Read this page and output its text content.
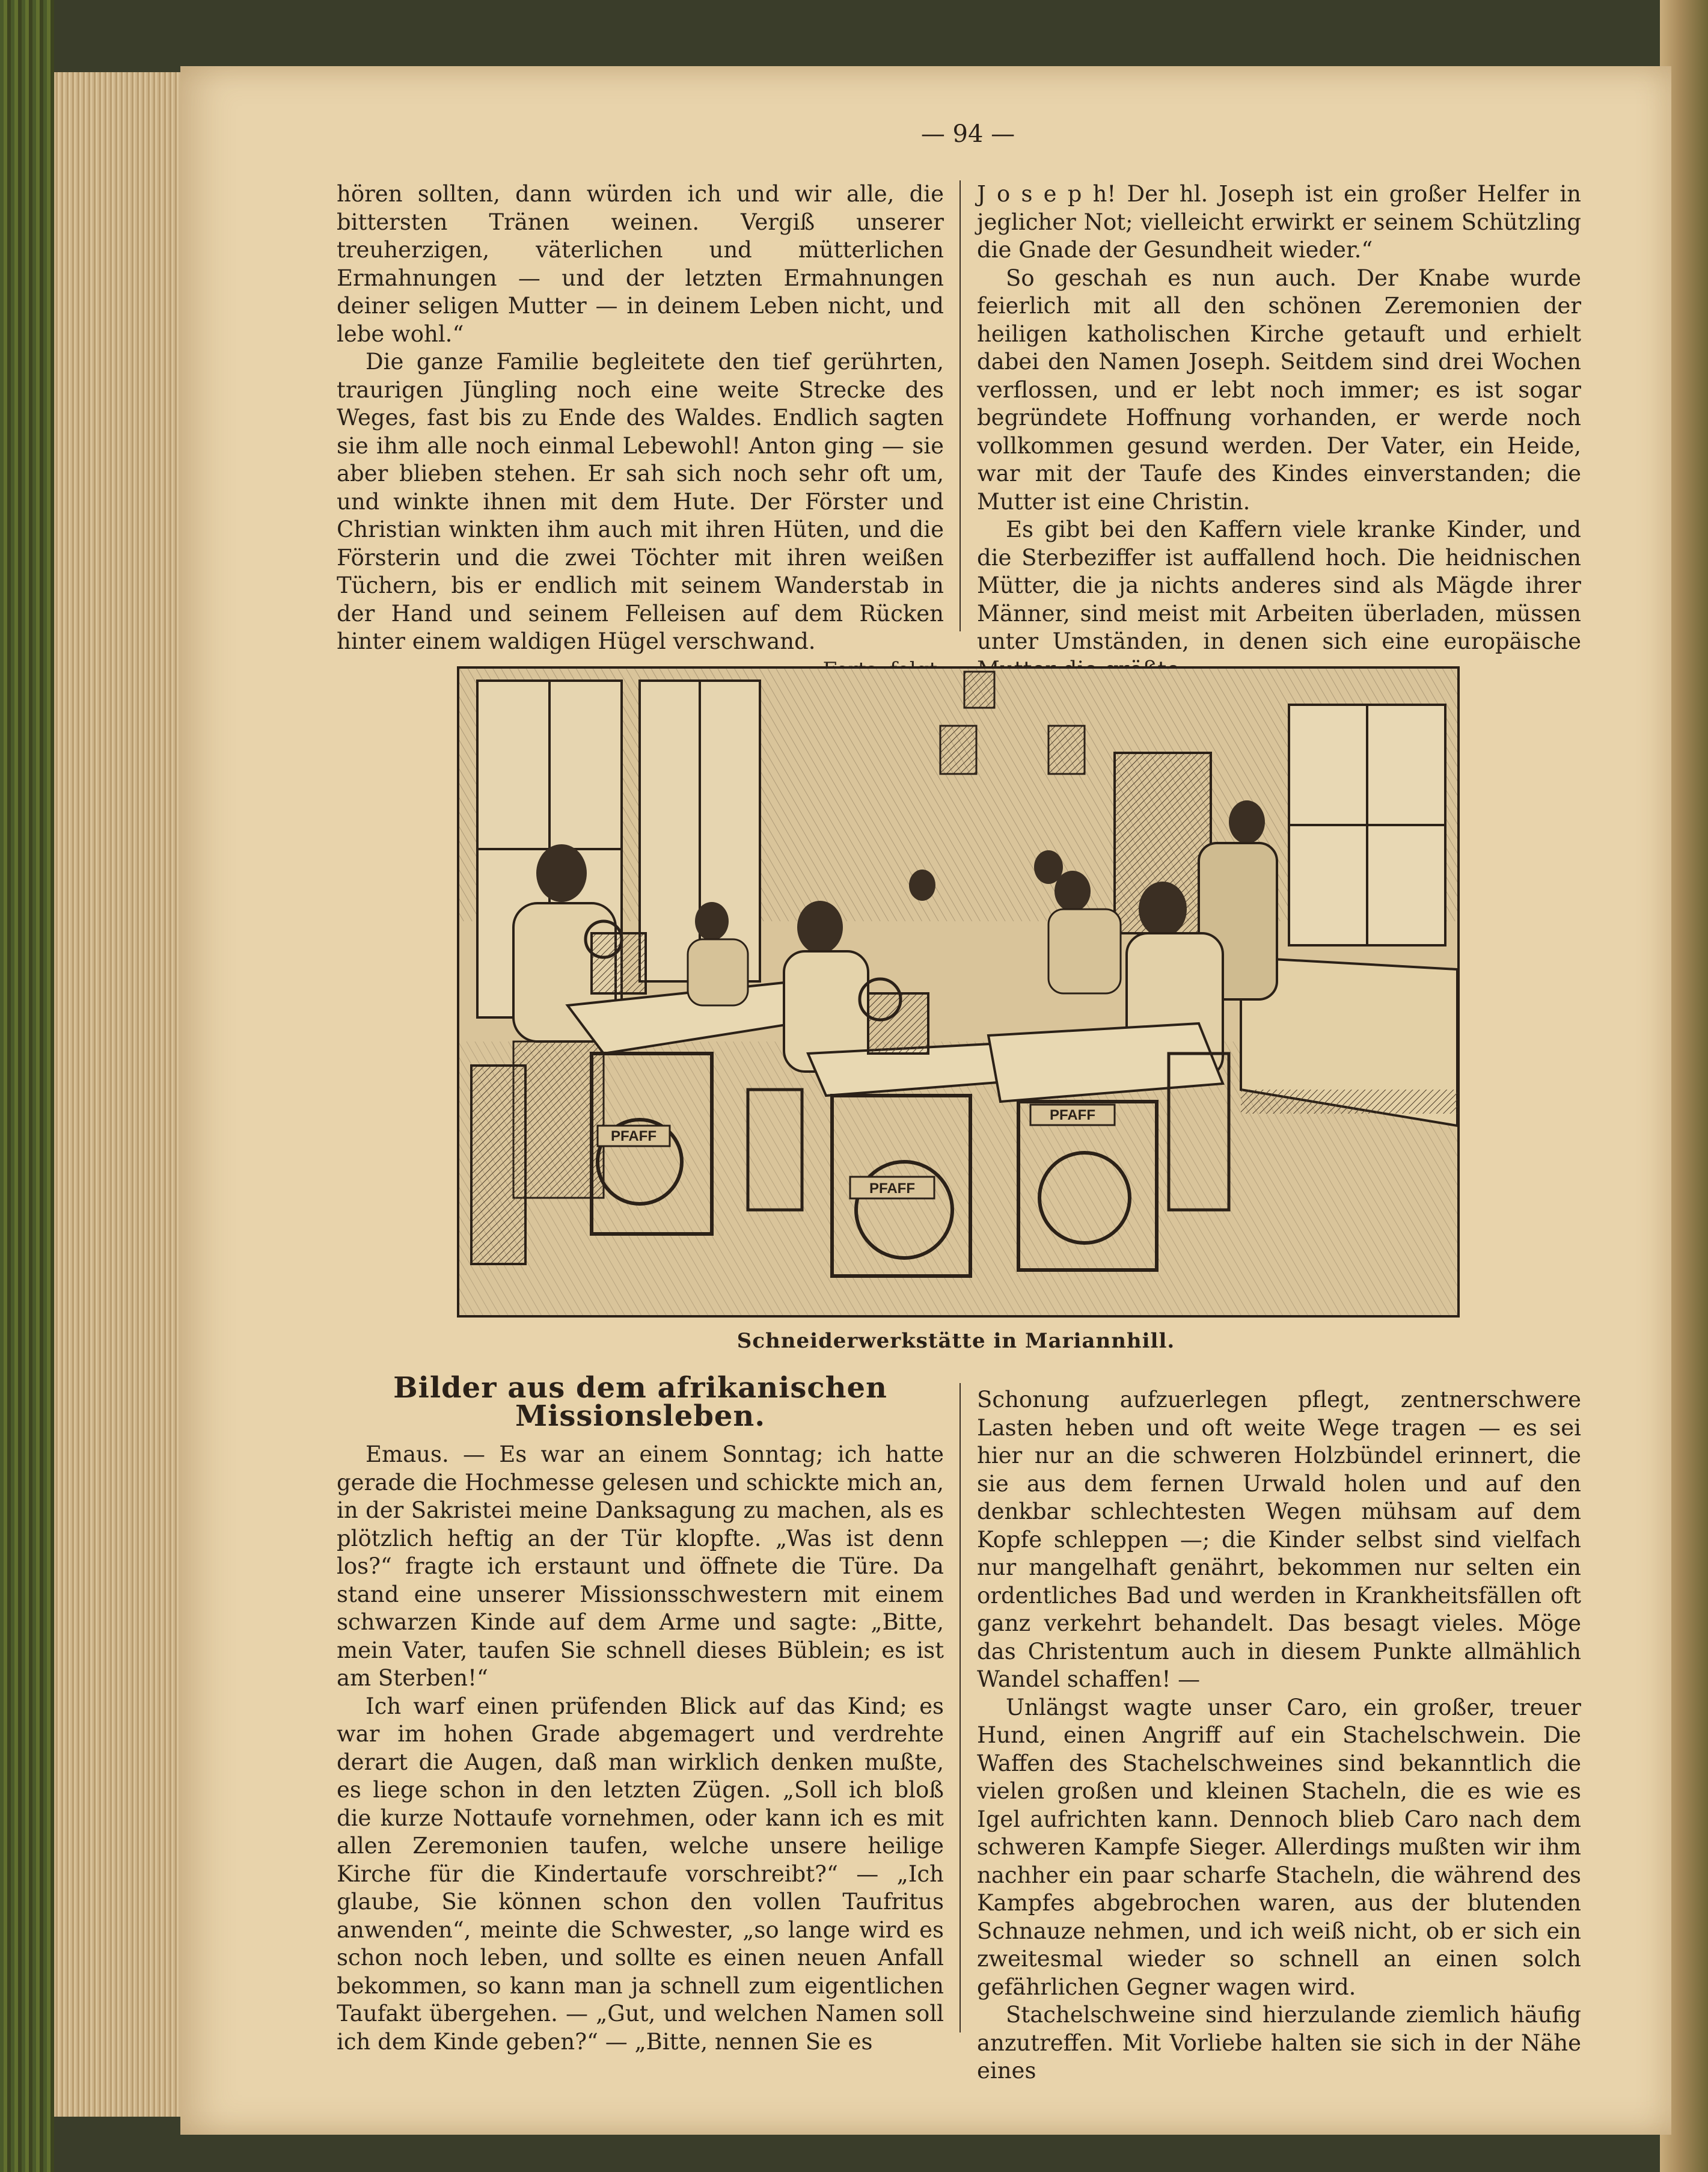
— 94 —

hören sollten, dann würden ich und wir alle, die bittersten Tränen weinen. Vergiß unserer treuherzigen, väterlichen und mütterlichen Ermahnungen — und der letzten Ermahnungen deiner seligen Mutter — in deinem Leben nicht, und lebe wohl.“

Die ganze Familie begleitete den tief gerührten, traurigen Jüngling noch eine weite Strecke des Weges, fast bis zu Ende des Waldes. Endlich sagten sie ihm alle noch einmal Lebewohl! Anton ging — sie aber blieben stehen. Er sah sich noch sehr oft um, und winkte ihnen mit dem Hute. Der Förster und Christian winkten ihm auch mit ihren Hüten, und die Försterin und die zwei Töchter mit ihren weißen Tüchern, bis er endlich mit seinem Wanderstab in der Hand und seinem Felleisen auf dem Rücken hinter einem waldigen Hügel verschwand.

J o s e p h! Der hl. Joseph ist ein großer Helfer in jeglicher Not; vielleicht erwirkt er seinem Schützling die Gnade der Gesundheit wieder.“

So geschah es nun auch. Der Knabe wurde feierlich mit all den schönen Zeremonien der heiligen katholischen Kirche getauft und erhielt dabei den Namen Joseph. Seitdem sind drei Wochen verflossen, und er lebt noch immer; es ist sogar begründete Hoffnung vorhanden, er werde noch vollkommen gesund werden. Der Vater, ein Heide, war mit der Taufe des Kindes einverstanden; die Mutter ist eine Christin.

Es gibt bei den Kaffern viele kranke Kinder, und die Sterbeziffer ist auffallend hoch. Die heidnischen Mütter, die ja nichts anderes sind als Mägde ihrer Männer, sind meist mit Arbeiten überladen, müssen unter Umständen, in denen sich eine europäische

PFAFF
PFAFF
PFAFF
Schneiderwerkstätte in Mariannhill.
Bilder aus dem afrikanischen Missionsleben.

Emaus. — Es war an einem Sonntag; ich hatte gerade die Hochmesse gelesen und schickte mich an, in der Sakristei meine Danksagung zu machen, als es plötzlich heftig an der Tür klopfte. „Was ist denn los?“ fragte ich erstaunt und öffnete die Türe. Da stand eine unserer Missionsschwestern mit einem schwarzen Kinde auf dem Arme und sagte: „Bitte, mein Vater, taufen Sie schnell dieses Büblein; es ist am Sterben!“

Ich warf einen prüfenden Blick auf das Kind; es war im hohen Grade abgemagert und verdrehte derart die Augen, daß man wirklich denken mußte, es liege schon in den letzten Zügen. „Soll ich bloß die kurze Nottaufe vornehmen, oder kann ich es mit allen Zeremonien taufen, welche unsere heilige Kirche für die Kindertaufe vorschreibt?“ — „Ich glaube, Sie können schon den vollen Taufritus anwenden“, meinte die Schwester, „so lange wird es schon noch leben, und sollte es einen neuen Anfall bekommen, so kann man ja schnell zum eigentlichen Taufakt übergehen. — „Gut, und welchen Namen soll ich dem Kinde geben?“ — „Bitte, nennen Sie es

Schonung aufzuerlegen pflegt, zentnerschwere Lasten heben und oft weite Wege tragen — es sei hier nur an die schweren Holzbündel erinnert, die sie aus dem fernen Urwald holen und auf den denkbar schlechtesten Wegen mühsam auf dem Kopfe schleppen —; die Kinder selbst sind vielfach nur mangelhaft genährt, bekommen nur selten ein ordentliches Bad und werden in Krankheitsfällen oft ganz verkehrt behandelt. Das besagt vieles. Möge das Christentum auch in diesem Punkte allmählich Wandel schaffen! —

Unlängst wagte unser Caro, ein großer, treuer Hund, einen Angriff auf ein Stachelschwein. Die Waffen des Stachelschweines sind bekanntlich die vielen großen und kleinen Stacheln, die es wie es Igel aufrichten kann. Dennoch blieb Caro nach dem schweren Kampfe Sieger. Allerdings mußten wir ihm nachher ein paar scharfe Stacheln, die während des Kampfes abgebrochen waren, aus der blutenden Schnauze nehmen, und ich weiß nicht, ob er sich ein zweitesmal wieder so schnell an einen solch gefährlichen Gegner wagen wird.

Stachelschweine sind hierzulande ziemlich häufig anzutreffen. Mit Vorliebe halten sie sich in der Nähe eines
